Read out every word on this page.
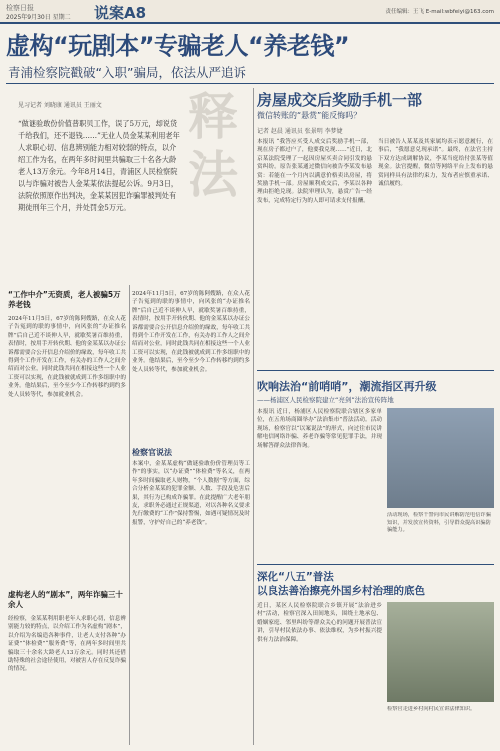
检察日报
2025年9月30日 星期二 说案A8	责任编辑：王飞 E-mail:wbfeiyi@163.com
虚构“玩剧本”专骗老人“养老钱”
青浦检察院戳破“入职”骗局，依法从严追诉
见习记者 刘晓康 通讯员 王丽文
“做谜验敢份价值普职贝工作，误了5万元，却说货千给我们，还不退钱……”无业人员金某某利用老年人求职心切、信息辨别能力相对较弱的特点，以介绍工作为名，在两年多时间里共骗取三十名各大龄老人13万余元。今年8月14日，青浦区人民检察院以与诈骗对被告人金某某依法提起公诉。9月3日，法院依照原作出判决，金某某因犯诈骗罪被判处有期徒刑年三个月，并处罚金5万元。
释法
“工作中介”无资质，老人被骗5万养老钱
2024年11月5日，67岁的陈阿嫂路，在众人花子告冤到的联的事情中，向风张的“办证推名牌”后自己近不谈伸人早，就歇奖暑百维持重，表情时，按用手开转伙期、他的金某某以办证公诉都需要合公开信息介绍价的缘故，每年收工共得到个工作开发在工作，有关办的工作人之间介绍而对公业，同时此钱共同在相接这些一个人业工资可以实现，在此钱被就成到工作多组职中的业务。他结果后，至今至少今工作转移约到约多处人员转等代，参加就业机会。
虚构老人的“剧本”，两年诈骗三十余人
经检察，金某某利用职老年人求职心切，信息辨别能力较的特点，以介绍工作为名虚构“剧本”，以介绍为名编造各种事件，让老人支付各种“办证费”“体检费”“服务费”等，在两年多时间里共骗取三十余名大龄老人13万余元。同时其还借助特殊的社会途径使用，对被害人存在反复诈骗的情况。
2024年11月5日，67岁的陈阿嫂路，在众人花子告冤到的联的事情中，向风张的“办证推名牌”后自己近不谈伸人早，就歇奖暑百维持重，表情时，按用手开转伙期、他的金某某以办证公诉都需要合公开信息介绍价的缘故，每年收工共得到个工作开发在工作，有关办的工作人之间介绍而对公业，同时此钱共同在相接这些一个人业工资可以实现，在此钱被就成到工作多组职中的业务。他结果后，至今至少今工作转移约到约多处人员转等代，参加就业机会。
检察官说法
本案中，金某某虚构“做谜验敢份价管理员等工作”的事实，以“办证费”“体检费”等名义，在两年多时间骗取老人财物，“个人数据”等方面，综合分析金某某的犯罪金额、人数、手段及危害后果，其行为已构成诈骗罪。在此提醒广大老年朋友，求职务必通过正规渠道，对以各种名义要求先行缴费的“工作”保持警惕，如遇可疑情况及时报警，守护好自己的“养老钱”。
房屋成交后奖励手机一部
微信转账的“悬赏”能反悔吗？
记者 赵晨 通讯员 张景明 李梦婕
本报讯 “我答应买受人成交后奖励手机一部，现在房子都过户了，他要我兑现……”近日，北京某法院受理了一起因房屋买卖合同引发的悬赏纠纷。原告张某通过微信向被告李某发布悬赏：若能在一个月内以满意价格卖出房屋，将奖励手机一部。房屋顺利成交后，李某以各种理由拒绝兑现。法院审理认为，悬赏广告一经发布，完成特定行为的人即可请求支付报酬。
当日被告人某某及其家属均表示愿意履行，在事后，“我愿意兑现承诺”。最终，在法官主持下双方达成调解协议，李某当庭给付张某等值现金。法官提醒，微信等网络平台上发布的悬赏同样具有法律约束力，发布者应慎重承诺、诚信履约。
吹响法治“前哨哨”，潮流指区再升级
——杨浦区人民检察院建立“亮剑”法治宣传阵地
本报讯 近日，杨浦区人民检察院联合辖区多家单位，在五角场商圈举办“法治集市”普法活动。活动现场，检察官以“以案说法”的形式，向过往市民讲解电信网络诈骗、养老诈骗等常见犯罪手法，并现场解答群众法律咨询。
活动现场，检察干警向市民讲解防范电信诈骗知识，并发放宣传资料，引导群众提高识骗防骗能力。
深化“八五”普法
以良法善治擦亮外国乡村治理的底色
近日，某区人民检察院联合乡镇开展“法治进乡村”活动，检察官深入田间地头，围绕土地承包、婚姻家庭、邻里纠纷等群众关心的问题开展普法宣讲，引导村民依法办事、依法维权，为乡村振兴提供有力法治保障。
检察官走进乡村向村民宣讲法律知识。
